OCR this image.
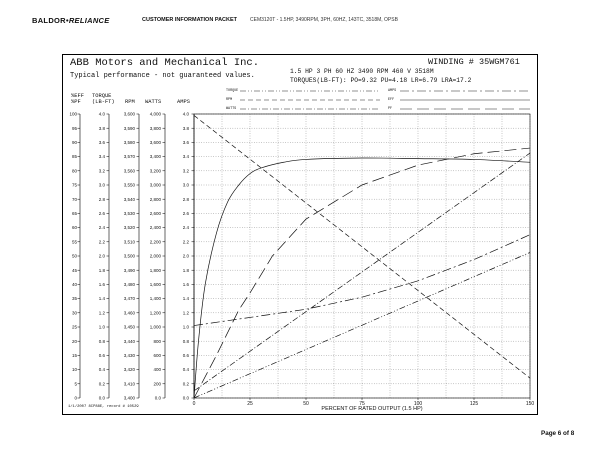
BALDOR•RELIANCE	CUSTOMER INFORMATION PACKET	CEM3120T - 1.5HP, 3490RPM, 3PH, 60HZ, 143TC, 3518M, OPSB
ABB Motors and Mechanical Inc.	WINDING # 35WGM761
Typical performance - not guaranteed values.
1.5 HP 3 PH 60 HZ 3490 RPM 460 V 3518M
TORQUES(LB-FT): PO=9.32 PU=4.18 LR=6.79 LRA=17.2
TORQUE
RPM
WATTS
AMPS
EFF
PF
%EFF
%PF
TORQUE
(LB-FT) RPM WATTS	AMPS
100
95
90
85
80
75
70
65
60
55
50
45
40
35
30
25
20
15
10
5
0
4.0
3.8
3.6
3.4
3.2
3.0
2.8
2.6
2.4
2.2
2.0
1.8
1.6
1.4
1.2
1.0
0.8
0.6
0.4
0.2
0.0
3,600
3,590
3,580
3,570
3,560
3,550
3,540
3,530
3,520
3,510
3,500
3,490
3,480
3,470
3,460
3,450
3,440
3,430
3,420
3,410
3,400
4,000
3,800
3,600
3,400
3,200
3,000
2,800
2,600
2,400
2,200
2,000
1,800
1,600
1,400
1,200
1,000
800
600
400
200
0.0
4.0
3.8
3.6
3.4
3.2
3.0
2.8
2.6
2.4
2.2
2.0
1.8
1.6
1.4
1.2
1.0
0.8
0.6
0.4
0.2
0.0
0	25	50	75	100	125	150
PERCENT OF RATED OUTPUT (1.5 HP)
1/1/2007 8CP88E, record # 10529
Page 6 of 8
